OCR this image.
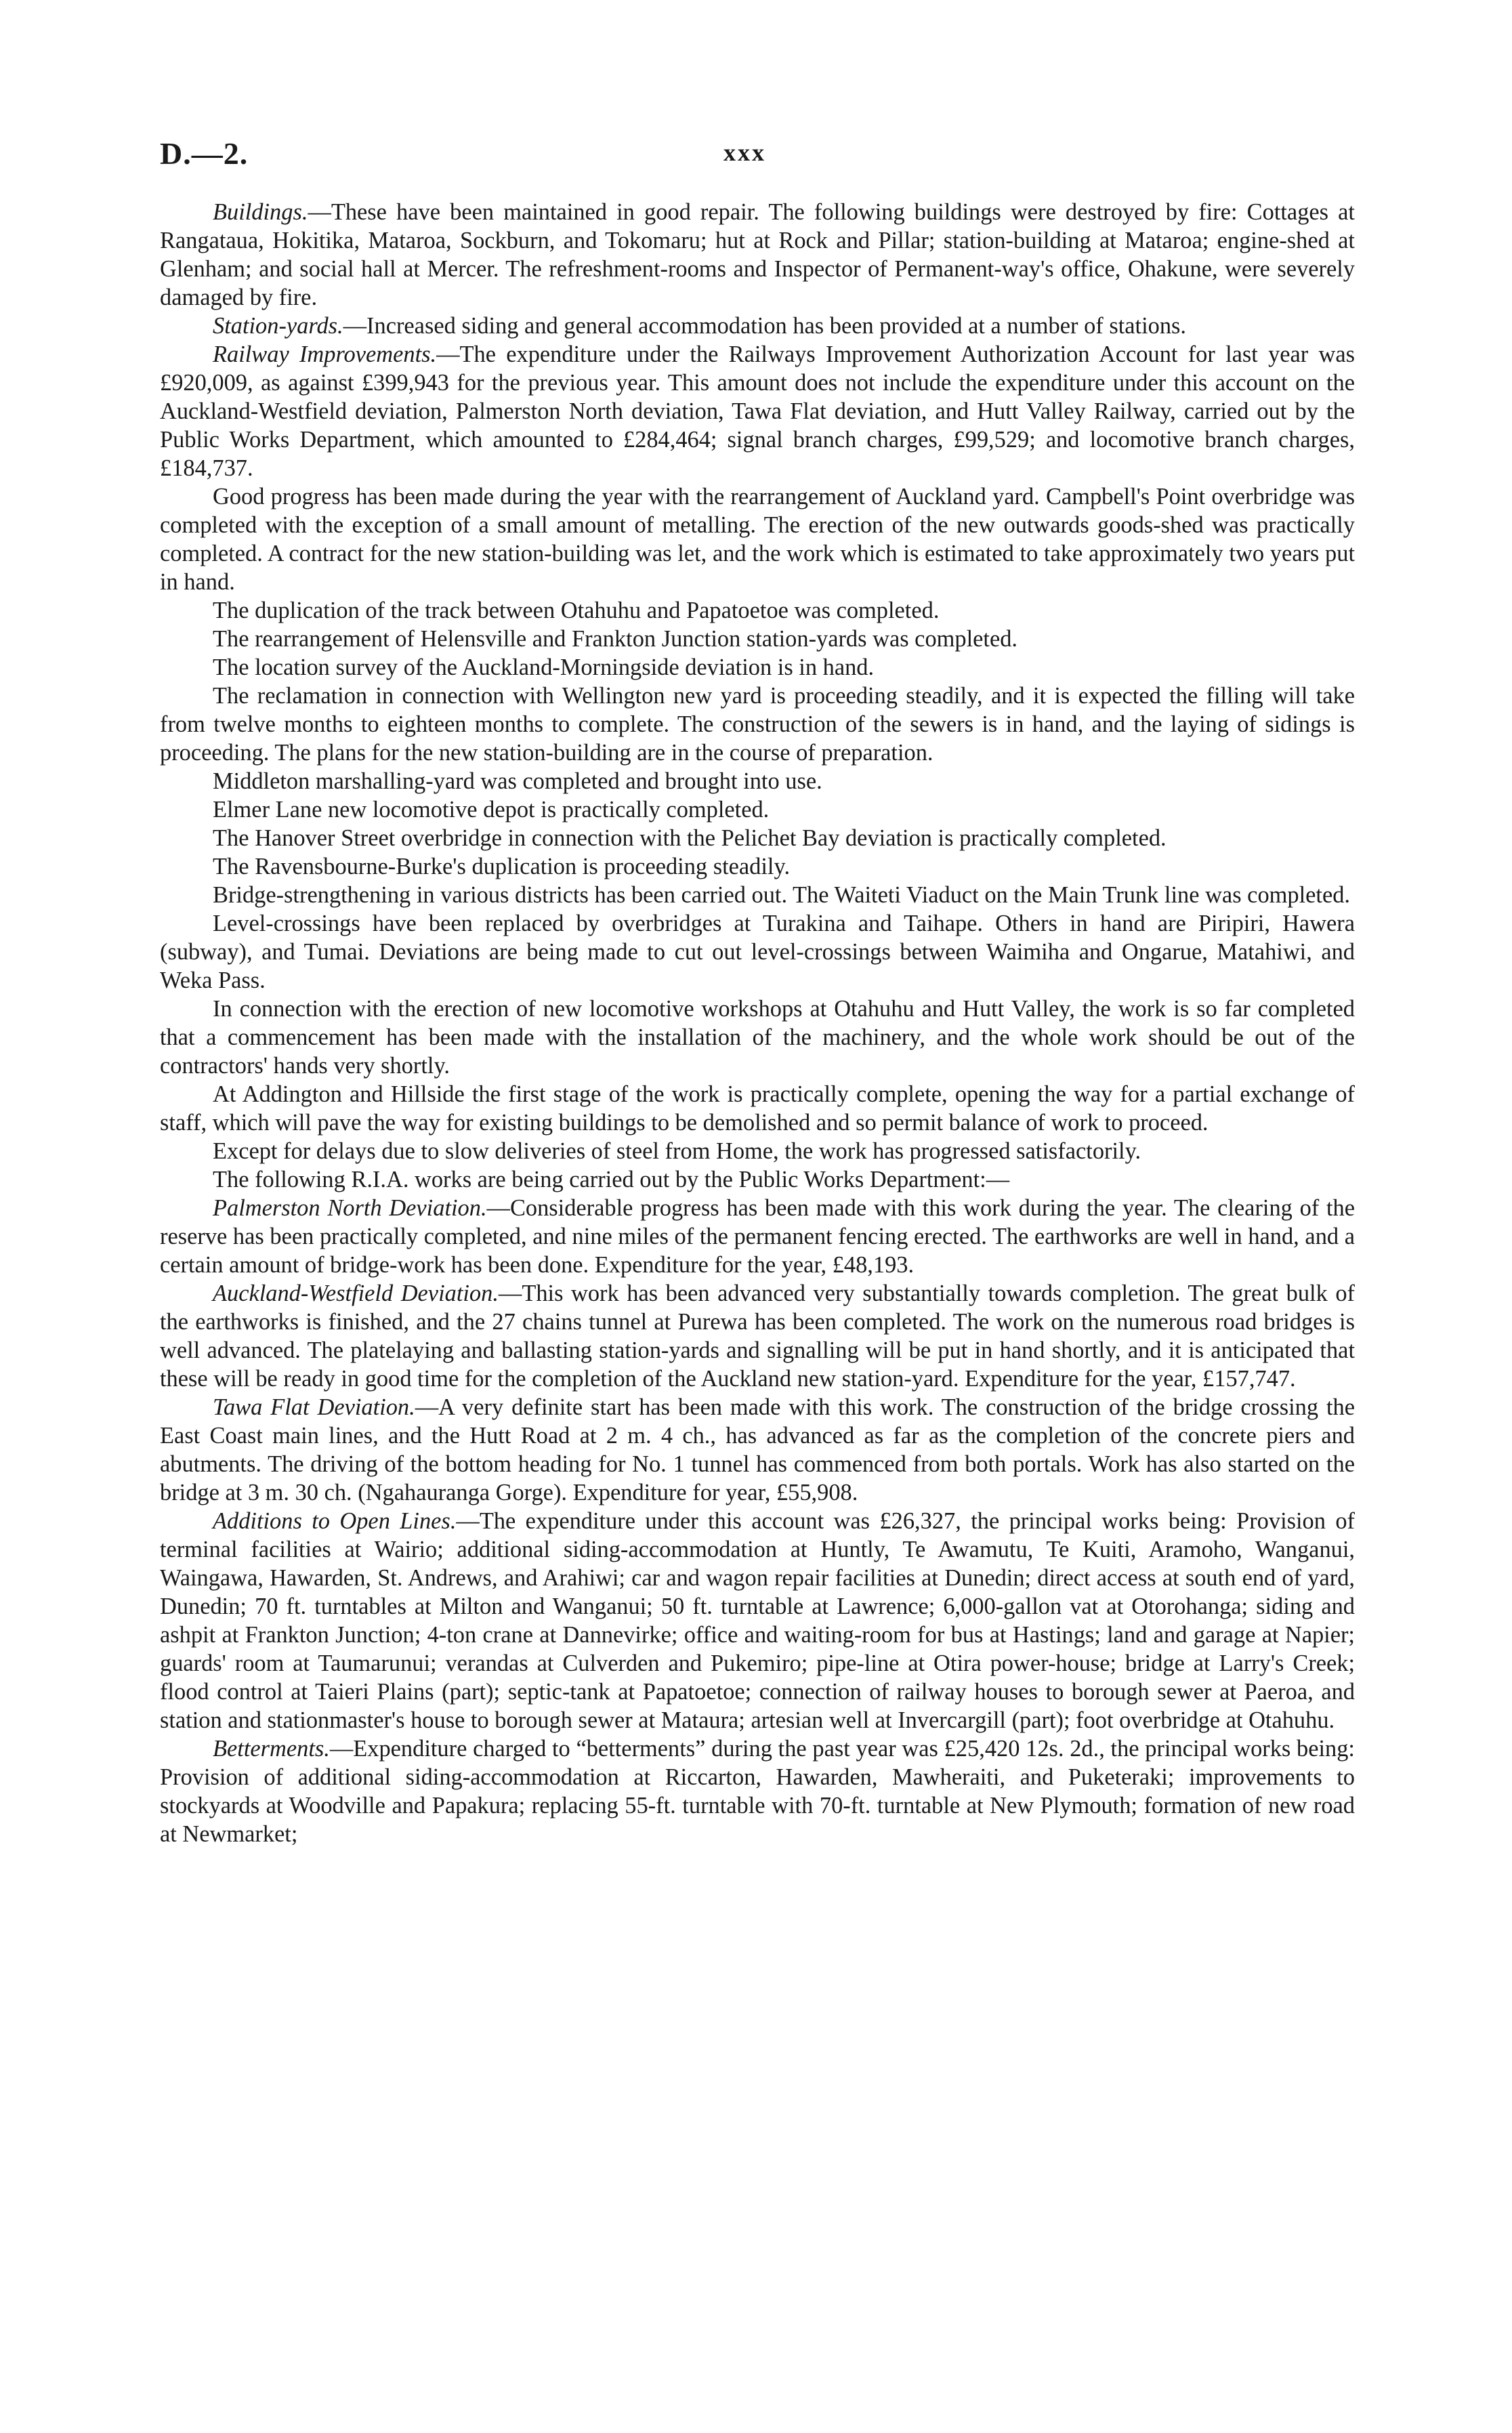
D.—2.	xxx

Buildings.—These have been maintained in good repair. The following buildings were destroyed by fire: Cottages at Rangataua, Hokitika, Mataroa, Sockburn, and Tokomaru; hut at Rock and Pillar; station-building at Mataroa; engine-shed at Glenham; and social hall at Mercer. The refreshment-rooms and Inspector of Permanent-way's office, Ohakune, were severely damaged by fire.

Station-yards.—Increased siding and general accommodation has been provided at a number of stations.

Railway Improvements.—The expenditure under the Railways Improvement Authorization Account for last year was £920,009, as against £399,943 for the previous year. This amount does not include the expenditure under this account on the Auckland-Westfield deviation, Palmerston North deviation, Tawa Flat deviation, and Hutt Valley Railway, carried out by the Public Works Department, which amounted to £284,464; signal branch charges, £99,529; and locomotive branch charges, £184,737.

Good progress has been made during the year with the rearrangement of Auckland yard. Campbell's Point overbridge was completed with the exception of a small amount of metalling. The erection of the new outwards goods-shed was practically completed. A contract for the new station-building was let, and the work which is estimated to take approximately two years put in hand.

The duplication of the track between Otahuhu and Papatoetoe was completed.

The rearrangement of Helensville and Frankton Junction station-yards was completed.

The location survey of the Auckland-Morningside deviation is in hand.

The reclamation in connection with Wellington new yard is proceeding steadily, and it is expected the filling will take from twelve months to eighteen months to complete. The construction of the sewers is in hand, and the laying of sidings is proceeding. The plans for the new station-building are in the course of preparation.

Middleton marshalling-yard was completed and brought into use.

Elmer Lane new locomotive depot is practically completed.

The Hanover Street overbridge in connection with the Pelichet Bay deviation is practically completed.

The Ravensbourne-Burke's duplication is proceeding steadily.

Bridge-strengthening in various districts has been carried out. The Waiteti Viaduct on the Main Trunk line was completed.

Level-crossings have been replaced by overbridges at Turakina and Taihape. Others in hand are Piripiri, Hawera (subway), and Tumai. Deviations are being made to cut out level-crossings between Waimiha and Ongarue, Matahiwi, and Weka Pass.

In connection with the erection of new locomotive workshops at Otahuhu and Hutt Valley, the work is so far completed that a commencement has been made with the installation of the machinery, and the whole work should be out of the contractors' hands very shortly.

At Addington and Hillside the first stage of the work is practically complete, opening the way for a partial exchange of staff, which will pave the way for existing buildings to be demolished and so permit balance of work to proceed.

Except for delays due to slow deliveries of steel from Home, the work has progressed satisfactorily.

The following R.I.A. works are being carried out by the Public Works Department:—

Palmerston North Deviation.—Considerable progress has been made with this work during the year. The clearing of the reserve has been practically completed, and nine miles of the permanent fencing erected. The earthworks are well in hand, and a certain amount of bridge-work has been done. Expenditure for the year, £48,193.

Auckland-Westfield Deviation.—This work has been advanced very substantially towards completion. The great bulk of the earthworks is finished, and the 27 chains tunnel at Purewa has been completed. The work on the numerous road bridges is well advanced. The platelaying and ballasting station-yards and signalling will be put in hand shortly, and it is anticipated that these will be ready in good time for the completion of the Auckland new station-yard. Expenditure for the year, £157,747.

Tawa Flat Deviation.—A very definite start has been made with this work. The construction of the bridge crossing the East Coast main lines, and the Hutt Road at 2 m. 4 ch., has advanced as far as the completion of the concrete piers and abutments. The driving of the bottom heading for No. 1 tunnel has commenced from both portals. Work has also started on the bridge at 3 m. 30 ch. (Ngahauranga Gorge). Expenditure for year, £55,908.

Additions to Open Lines.—The expenditure under this account was £26,327, the principal works being: Provision of terminal facilities at Wairio; additional siding-accommodation at Huntly, Te Awamutu, Te Kuiti, Aramoho, Wanganui, Waingawa, Hawarden, St. Andrews, and Arahiwi; car and wagon repair facilities at Dunedin; direct access at south end of yard, Dunedin; 70 ft. turntables at Milton and Wanganui; 50 ft. turntable at Lawrence; 6,000-gallon vat at Otorohanga; siding and ashpit at Frankton Junction; 4-ton crane at Dannevirke; office and waiting-room for bus at Hastings; land and garage at Napier; guards' room at Taumarunui; verandas at Culverden and Pukemiro; pipe-line at Otira power-house; bridge at Larry's Creek; flood control at Taieri Plains (part); septic-tank at Papatoetoe; connection of railway houses to borough sewer at Paeroa, and station and stationmaster's house to borough sewer at Mataura; artesian well at Invercargill (part); foot overbridge at Otahuhu.

Betterments.—Expenditure charged to “betterments” during the past year was £25,420 12s. 2d., the principal works being: Provision of additional siding-accommodation at Riccarton, Hawarden, Mawheraiti, and Puketeraki; improvements to stockyards at Woodville and Papakura; replacing 55-ft. turntable with 70-ft. turntable at New Plymouth; formation of new road at Newmarket;
